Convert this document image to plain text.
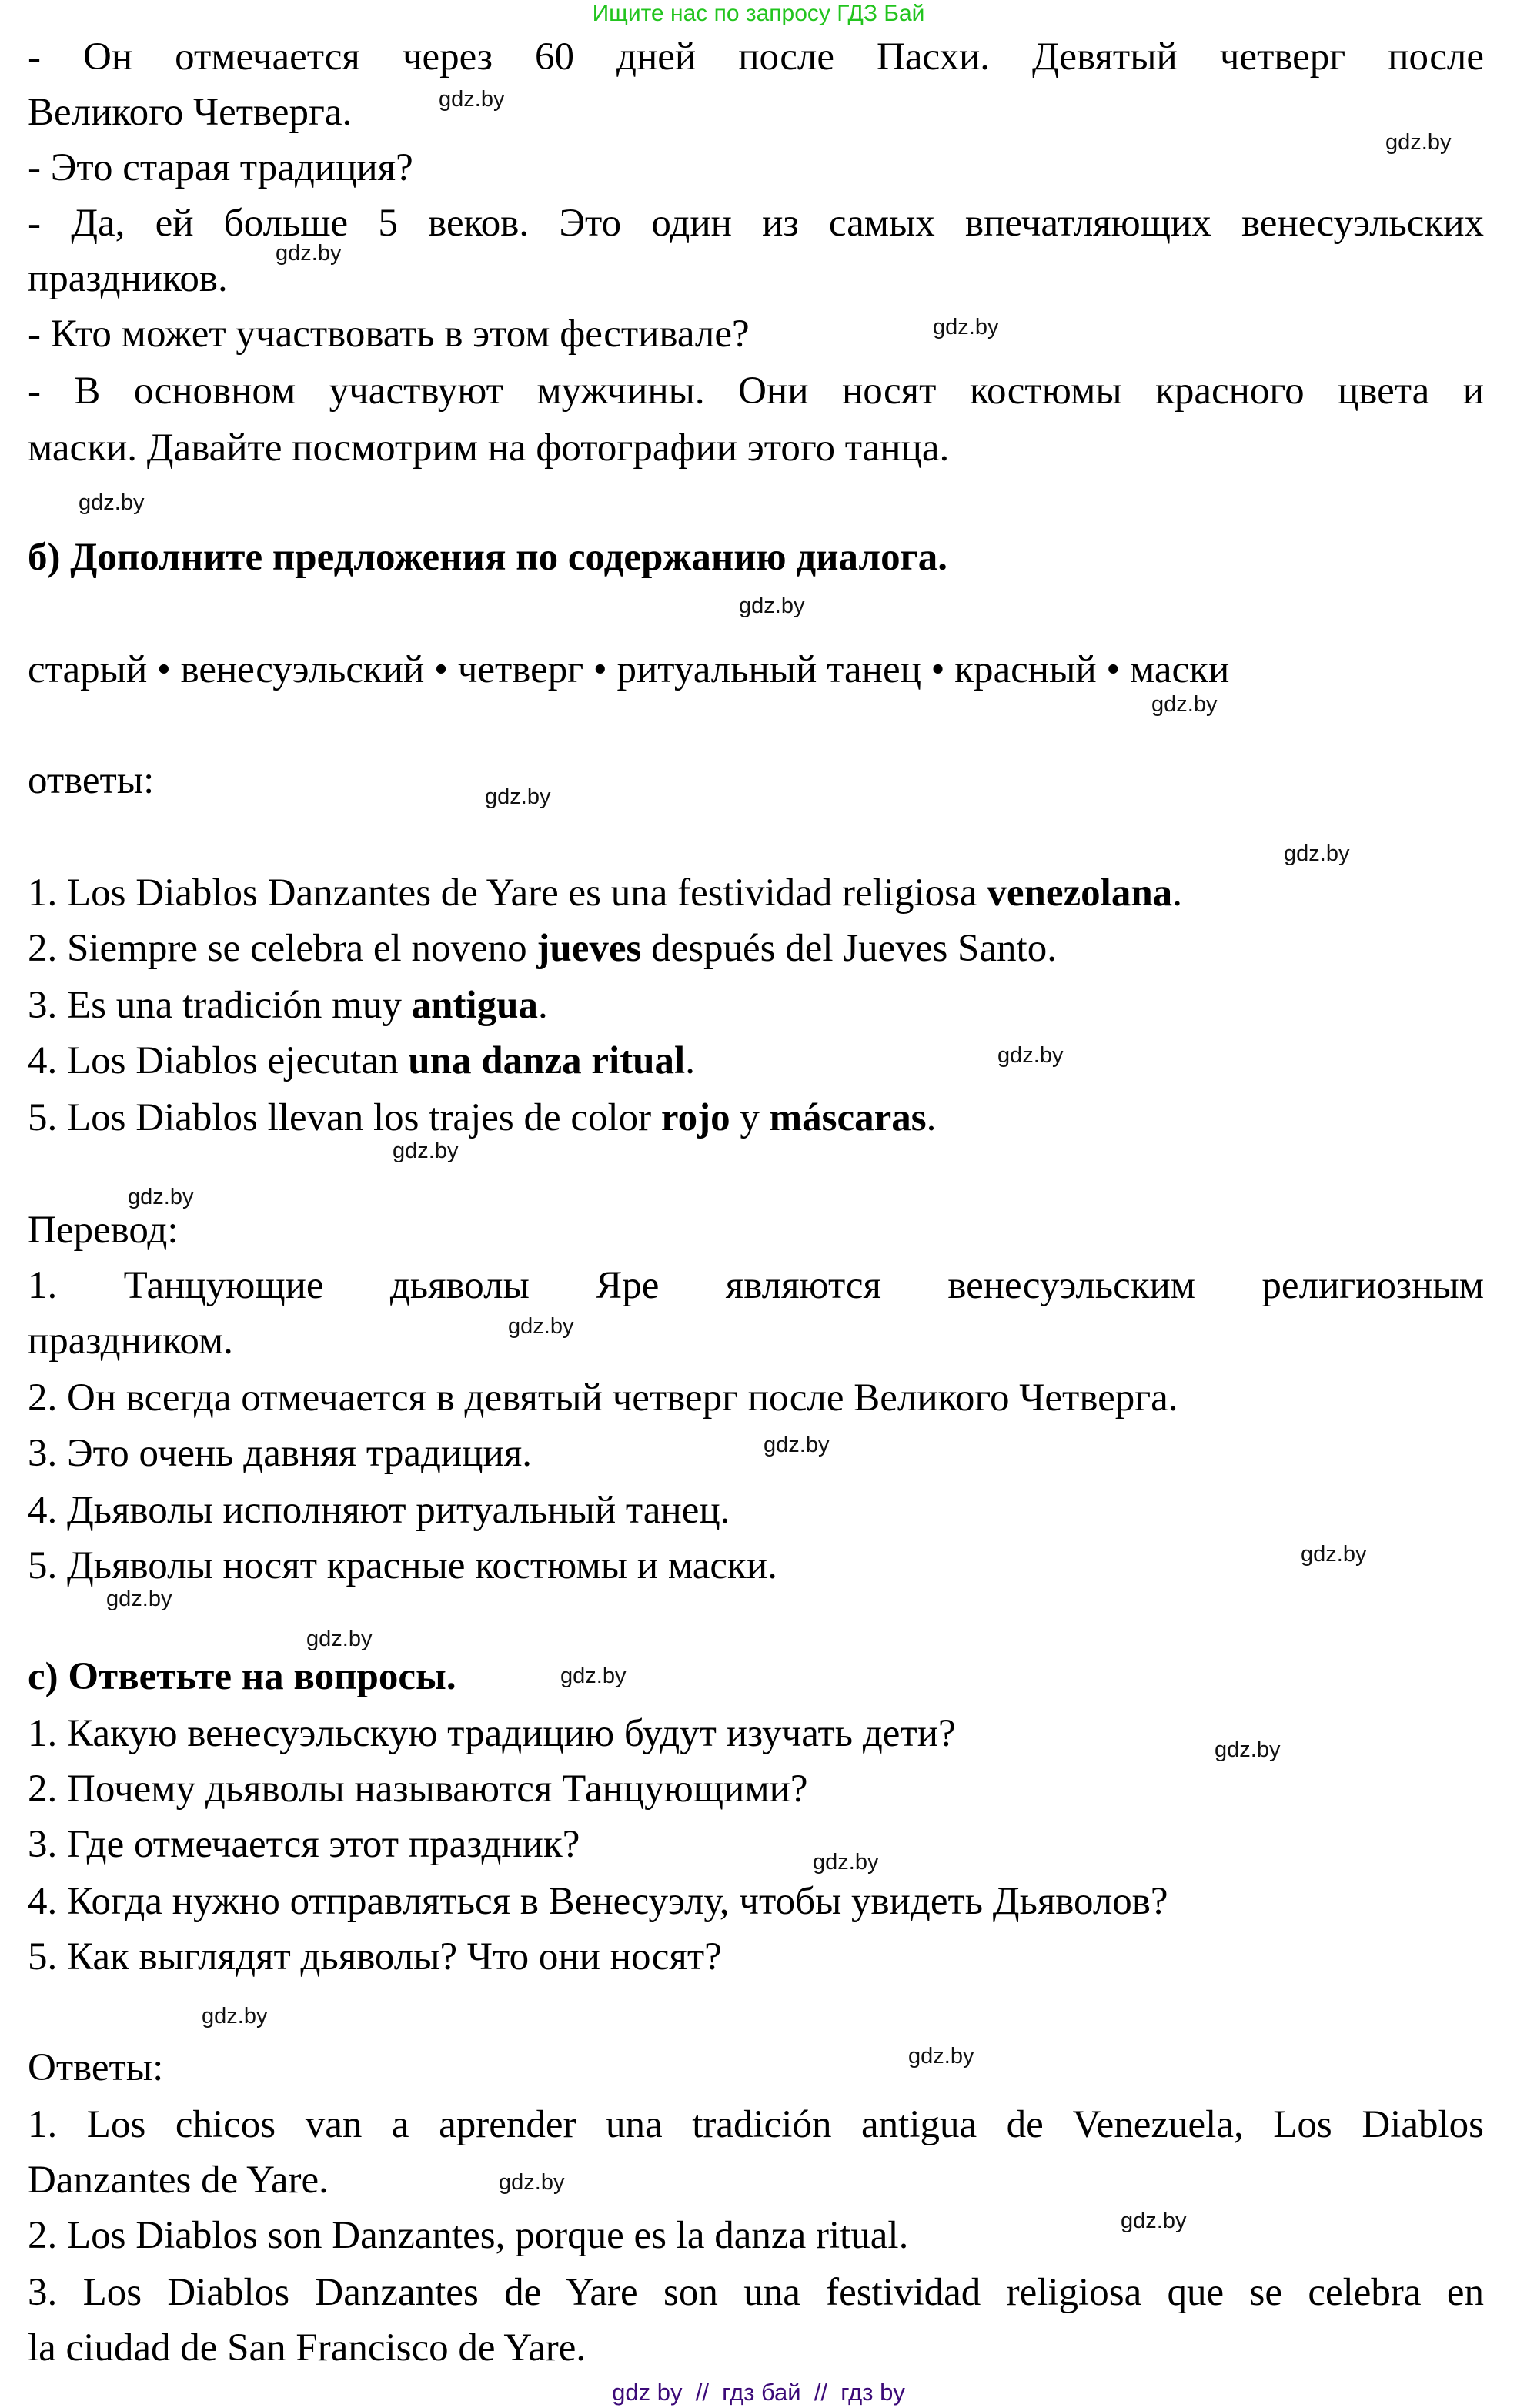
Ищите нас по запросу ГДЗ Бай
- Он отмечается через 60 дней после Пасхи. Девятый четверг после
Великого Четверга.
- Это старая традиция?
- Да, ей больше 5 веков. Это один из самых впечатляющих венесуэльских
праздников.
- Кто может участвовать в этом фестивале?
- В основном участвуют мужчины. Они носят костюмы красного цвета и
маски. Давайте посмотрим на фотографии этого танца.
б) Дополните предложения по содержанию диалога.
старый • венесуэльский • четверг • ритуальный танец • красный • маски
ответы:
1. Los Diablos Danzantes de Yare es una festividad religiosa venezolana.
2. Siempre se celebra el noveno jueves después del Jueves Santo.
3. Es una tradición muy antigua.
4. Los Diablos ejecutan una danza ritual.
5. Los Diablos llevan los trajes de color rojo y máscaras.
Перевод:
1. Танцующие дьяволы Яре являются венесуэльским религиозным
праздником.
2. Он всегда отмечается в девятый четверг после Великого Четверга.
3. Это очень давняя традиция.
4. Дьяволы исполняют ритуальный танец.
5. Дьяволы носят красные костюмы и маски.
с) Ответьте на вопросы.
1. Какую венесуэльскую традицию будут изучать дети?
2. Почему дьяволы называются Танцующими?
3. Где отмечается этот праздник?
4. Когда нужно отправляться в Венесуэлу, чтобы увидеть Дьяволов?
5. Как выглядят дьяволы? Что они носят?
Ответы:
1. Los chicos van a aprender una tradición antigua de Venezuela, Los Diablos
Danzantes de Yare.
2. Los Diablos son Danzantes, porque es la danza ritual.
3. Los Diablos Danzantes de Yare son una festividad religiosa que se celebra en
la ciudad de San Francisco de Yare.
gdz.by
gdz.by
gdz.by
gdz.by
gdz.by
gdz.by
gdz.by
gdz.by
gdz.by
gdz.by
gdz.by
gdz.by
gdz.by
gdz.by
gdz.by
gdz.by
gdz.by
gdz.by
gdz.by
gdz.by
gdz.by
gdz.by
gdz.by
gdz.by
gdz by  //  гдз бай  //  гдз by
